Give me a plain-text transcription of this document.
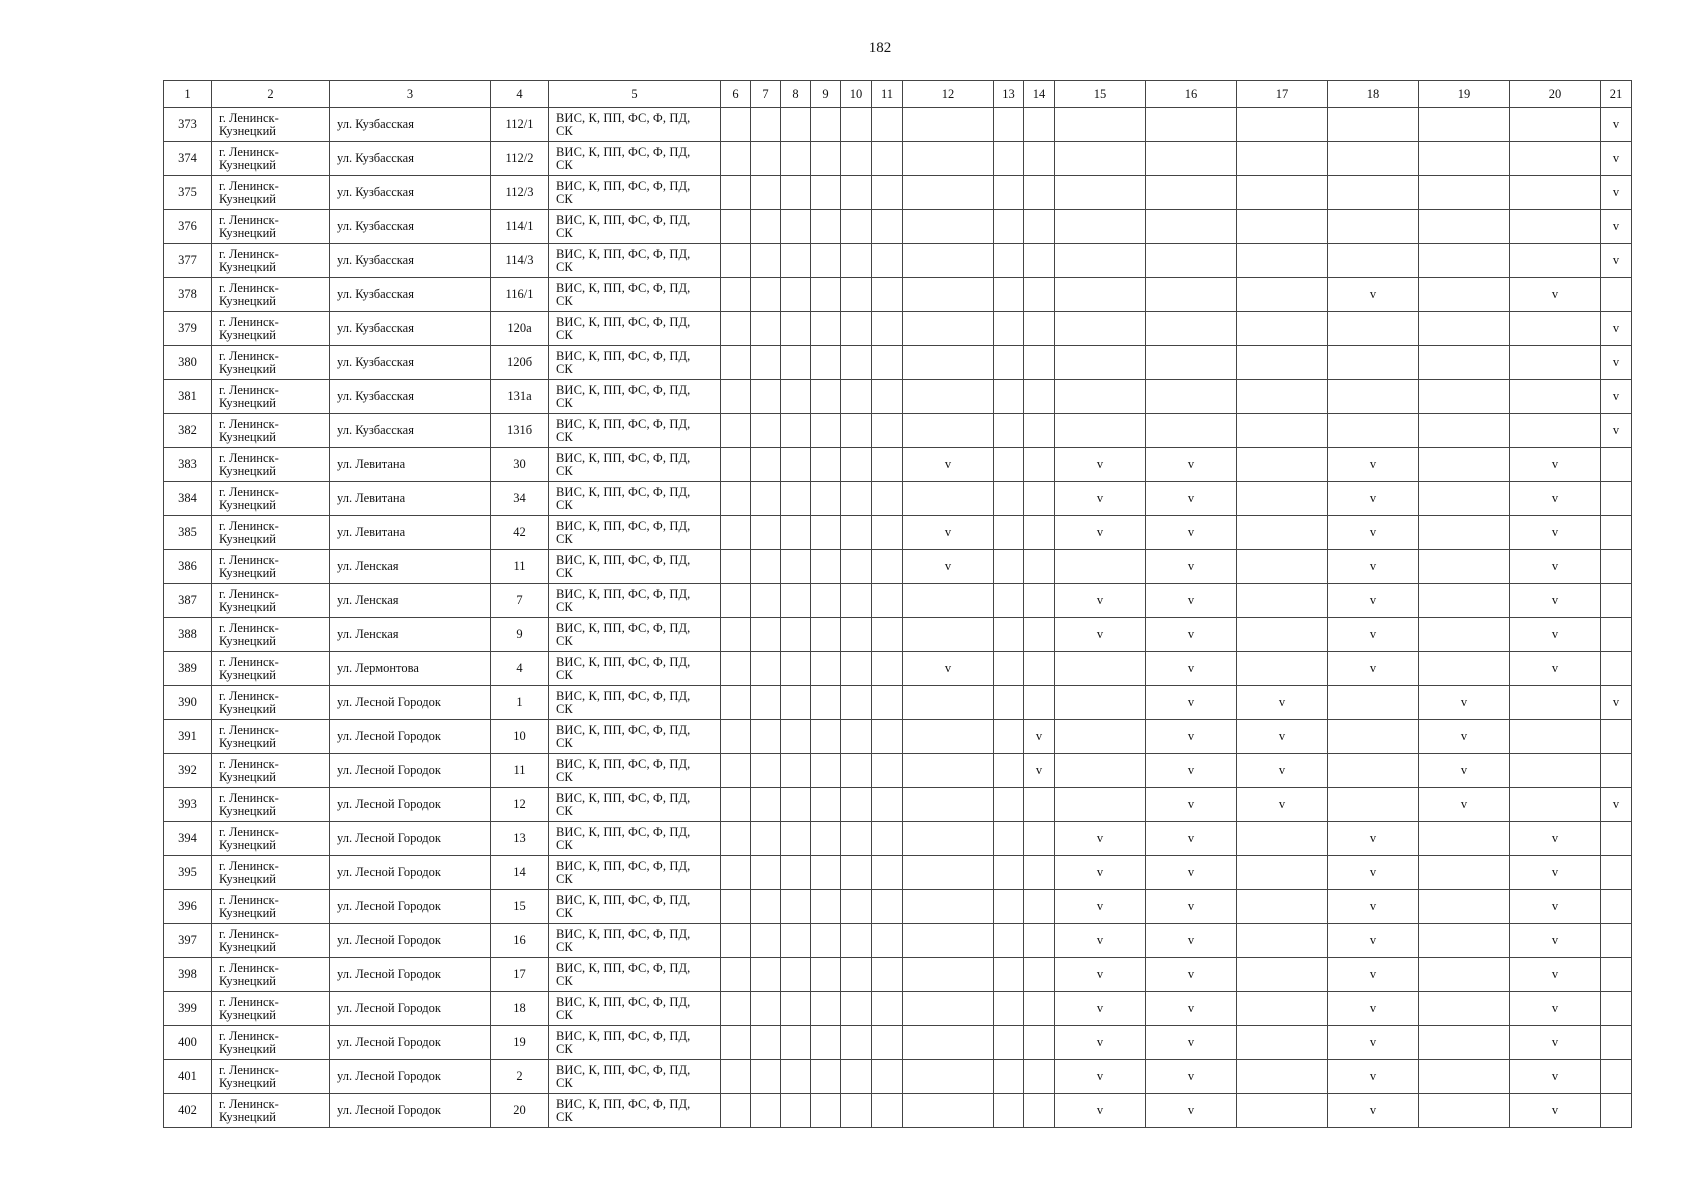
182
1	2	3	4	5	6	7	8	9	10	11	12	13	14	15	16	17	18	19	20	21
373	г. Ленинск-
Кузнецкий	ул. Кузбасская	112/1	ВИС, К, ПП, ФС, Ф, ПД,
СК																v
374	г. Ленинск-
Кузнецкий	ул. Кузбасская	112/2	ВИС, К, ПП, ФС, Ф, ПД,
СК																v
375	г. Ленинск-
Кузнецкий	ул. Кузбасская	112/3	ВИС, К, ПП, ФС, Ф, ПД,
СК																v
376	г. Ленинск-
Кузнецкий	ул. Кузбасская	114/1	ВИС, К, ПП, ФС, Ф, ПД,
СК																v
377	г. Ленинск-
Кузнецкий	ул. Кузбасская	114/3	ВИС, К, ПП, ФС, Ф, ПД,
СК																v
378	г. Ленинск-
Кузнецкий	ул. Кузбасская	116/1	ВИС, К, ПП, ФС, Ф, ПД,
СК													v		v	
379	г. Ленинск-
Кузнецкий	ул. Кузбасская	120а	ВИС, К, ПП, ФС, Ф, ПД,
СК																v
380	г. Ленинск-
Кузнецкий	ул. Кузбасская	120б	ВИС, К, ПП, ФС, Ф, ПД,
СК																v
381	г. Ленинск-
Кузнецкий	ул. Кузбасская	131а	ВИС, К, ПП, ФС, Ф, ПД,
СК																v
382	г. Ленинск-
Кузнецкий	ул. Кузбасская	131б	ВИС, К, ПП, ФС, Ф, ПД,
СК																v
383	г. Ленинск-
Кузнецкий	ул. Левитана	30	ВИС, К, ПП, ФС, Ф, ПД,
СК							v			v	v		v		v	
384	г. Ленинск-
Кузнецкий	ул. Левитана	34	ВИС, К, ПП, ФС, Ф, ПД,
СК										v	v		v		v	
385	г. Ленинск-
Кузнецкий	ул. Левитана	42	ВИС, К, ПП, ФС, Ф, ПД,
СК							v			v	v		v		v	
386	г. Ленинск-
Кузнецкий	ул. Ленская	11	ВИС, К, ПП, ФС, Ф, ПД,
СК							v				v		v		v	
387	г. Ленинск-
Кузнецкий	ул. Ленская	7	ВИС, К, ПП, ФС, Ф, ПД,
СК										v	v		v		v	
388	г. Ленинск-
Кузнецкий	ул. Ленская	9	ВИС, К, ПП, ФС, Ф, ПД,
СК										v	v		v		v	
389	г. Ленинск-
Кузнецкий	ул. Лермонтова	4	ВИС, К, ПП, ФС, Ф, ПД,
СК							v				v		v		v	
390	г. Ленинск-
Кузнецкий	ул. Лесной Городок	1	ВИС, К, ПП, ФС, Ф, ПД,
СК											v	v		v		v
391	г. Ленинск-
Кузнецкий	ул. Лесной Городок	10	ВИС, К, ПП, ФС, Ф, ПД,
СК									v		v	v		v		
392	г. Ленинск-
Кузнецкий	ул. Лесной Городок	11	ВИС, К, ПП, ФС, Ф, ПД,
СК									v		v	v		v		
393	г. Ленинск-
Кузнецкий	ул. Лесной Городок	12	ВИС, К, ПП, ФС, Ф, ПД,
СК											v	v		v		v
394	г. Ленинск-
Кузнецкий	ул. Лесной Городок	13	ВИС, К, ПП, ФС, Ф, ПД,
СК										v	v		v		v	
395	г. Ленинск-
Кузнецкий	ул. Лесной Городок	14	ВИС, К, ПП, ФС, Ф, ПД,
СК										v	v		v		v	
396	г. Ленинск-
Кузнецкий	ул. Лесной Городок	15	ВИС, К, ПП, ФС, Ф, ПД,
СК										v	v		v		v	
397	г. Ленинск-
Кузнецкий	ул. Лесной Городок	16	ВИС, К, ПП, ФС, Ф, ПД,
СК										v	v		v		v	
398	г. Ленинск-
Кузнецкий	ул. Лесной Городок	17	ВИС, К, ПП, ФС, Ф, ПД,
СК										v	v		v		v	
399	г. Ленинск-
Кузнецкий	ул. Лесной Городок	18	ВИС, К, ПП, ФС, Ф, ПД,
СК										v	v		v		v	
400	г. Ленинск-
Кузнецкий	ул. Лесной Городок	19	ВИС, К, ПП, ФС, Ф, ПД,
СК										v	v		v		v	
401	г. Ленинск-
Кузнецкий	ул. Лесной Городок	2	ВИС, К, ПП, ФС, Ф, ПД,
СК										v	v		v		v	
402	г. Ленинск-
Кузнецкий	ул. Лесной Городок	20	ВИС, К, ПП, ФС, Ф, ПД,
СК										v	v		v		v	
